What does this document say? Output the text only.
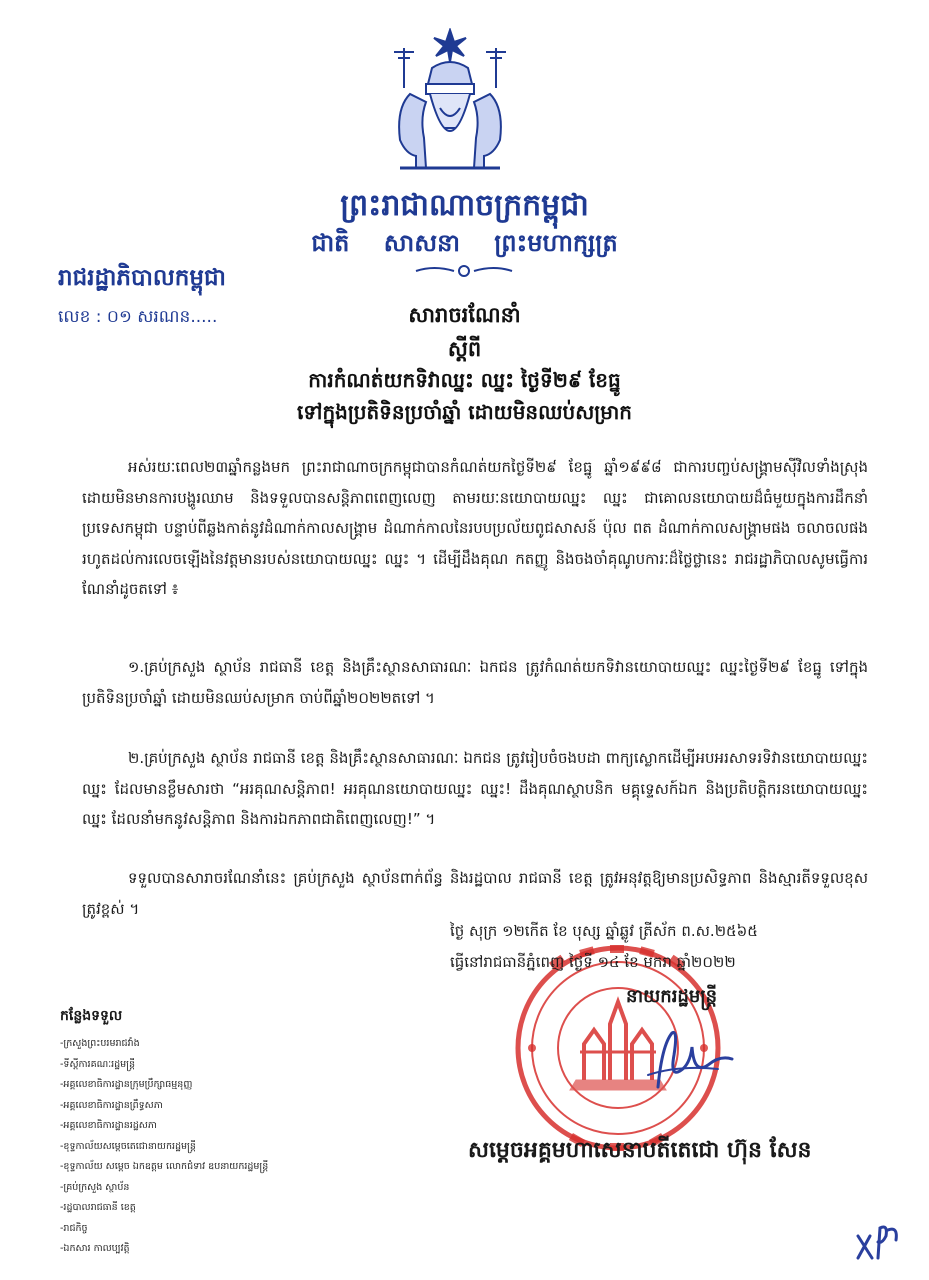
ព្រះរាជាណាចក្រកម្ពុជា
ជាតិ សាសនា ព្រះមហាក្សត្រ
រាជរដ្ឋាភិបាលកម្ពុជា
លេខ : ០១ សរណន.....	សារាចរណែនាំ
ស្តីពី
ការកំណត់យកទិវាឈ្នះ ឈ្នះ ថ្ងៃទី២៩ ខែធ្នូ
ទៅក្នុងប្រតិទិនប្រចាំឆ្នាំ ដោយមិនឈប់សម្រាក
អស់រយៈពេល២៣ឆ្នាំកន្លងមក ព្រះរាជាណាចក្រកម្ពុជាបានកំណត់យកថ្ងៃទី២៩ ខែធ្នូ ឆ្នាំ១៩៩៨ ជាការបញ្ចប់សង្គ្រាមស៊ីវិលទាំងស្រុងដោយមិនមានការបង្ហូរឈាម និងទទួលបានសន្តិភាពពេញលេញ តាមរយៈនយោបាយឈ្នះ ឈ្នះ ជាគោលនយោបាយដ៏ធំមួយក្នុងការដឹកនាំប្រទេសកម្ពុជា បន្ទាប់ពីឆ្លងកាត់នូវដំណាក់កាលសង្គ្រាម ដំណាក់កាលនៃរបបប្រល័យពូជសាសន៍ ប៉ុល ពត ដំណាក់កាលសង្គ្រាមផង ចលាចលផង រហូតដល់ការលេចឡើងនៃវត្តមានរបស់នយោបាយឈ្នះ ឈ្នះ ។ ដើម្បីដឹងគុណ កតញ្ញូ និងចងចាំគុណូបការៈដ៏ថ្លៃថ្លានេះ រាជរដ្ឋាភិបាលសូមធ្វើការណែនាំដូចតទៅ ៖
១.គ្រប់ក្រសួង ស្ថាប័ន រាជធានី ខេត្ត និងគ្រឹះស្ថានសាធារណៈ ឯកជន ត្រូវកំណត់យកទិវានយោបាយឈ្នះ ឈ្នះថ្ងៃទី២៩ ខែធ្នូ ទៅក្នុងប្រតិទិនប្រចាំឆ្នាំ ដោយមិនឈប់សម្រាក ចាប់ពីឆ្នាំ២០២២តទៅ ។
២.គ្រប់ក្រសួង ស្ថាប័ន រាជធានី ខេត្ត និងគ្រឹះស្ថានសាធារណៈ ឯកជន ត្រូវរៀបចំចងបដា ពាក្យស្លោកដើម្បីអបអរសាទរទិវានយោបាយឈ្នះ ឈ្នះ ដែលមានខ្លឹមសារថា “អរគុណសន្តិភាព! អរគុណនយោបាយឈ្នះ ឈ្នះ! ដឹងគុណស្ថាបនិក មគ្គុទ្ទេសក៍ឯក និងប្រតិបត្តិករនយោបាយឈ្នះ ឈ្នះ ដែលនាំមកនូវសន្តិភាព និងការឯកភាពជាតិពេញលេញ!” ។
ទទួលបានសារាចរណែនាំនេះ គ្រប់ក្រសួង ស្ថាប័នពាក់ព័ន្ធ និងរដ្ឋបាល រាជធានី ខេត្ត ត្រូវអនុវត្តឱ្យមានប្រសិទ្ធភាព និងស្មារតីទទួលខុសត្រូវខ្ពស់ ។
ថ្ងៃ សុក្រ ១២កើត ខែ បុស្ស ឆ្នាំឆ្លូវ ត្រីស័ក ព.ស.២៥៦៥
ធ្វើនៅរាជធានីភ្នំពេញ ថ្ងៃទី ១៤ ខែ មករា ឆ្នាំ២០២២
នាយករដ្ឋមន្ត្រី
សម្តេចអគ្គមហាសេនាបតីតេជោ ហ៊ុន សែន
កន្លែងទទួល
-ក្រសួងព្រះបរមរាជវាំង
-ទីស្តីការគណៈរដ្ឋមន្ត្រី
-អគ្គលេខាធិការដ្ឋានក្រុមប្រឹក្សាធម្មនុញ្ញ
-អគ្គលេខាធិការដ្ឋានព្រឹទ្ធសភា
-អគ្គលេខាធិការដ្ឋានរដ្ឋសភា
-ខុទ្ទកាល័យសម្តេចតេជោនាយករដ្ឋមន្ត្រី
-ខុទ្ទកាល័យ សម្តេច ឯកឧត្តម លោកជំទាវ ឧបនាយករដ្ឋមន្ត្រី
-គ្រប់ក្រសួង ស្ថាប័ន
-រដ្ឋបាលរាជធានី ខេត្ត
-រាជកិច្ច
-ឯកសារ កាលប្បវត្តិ
